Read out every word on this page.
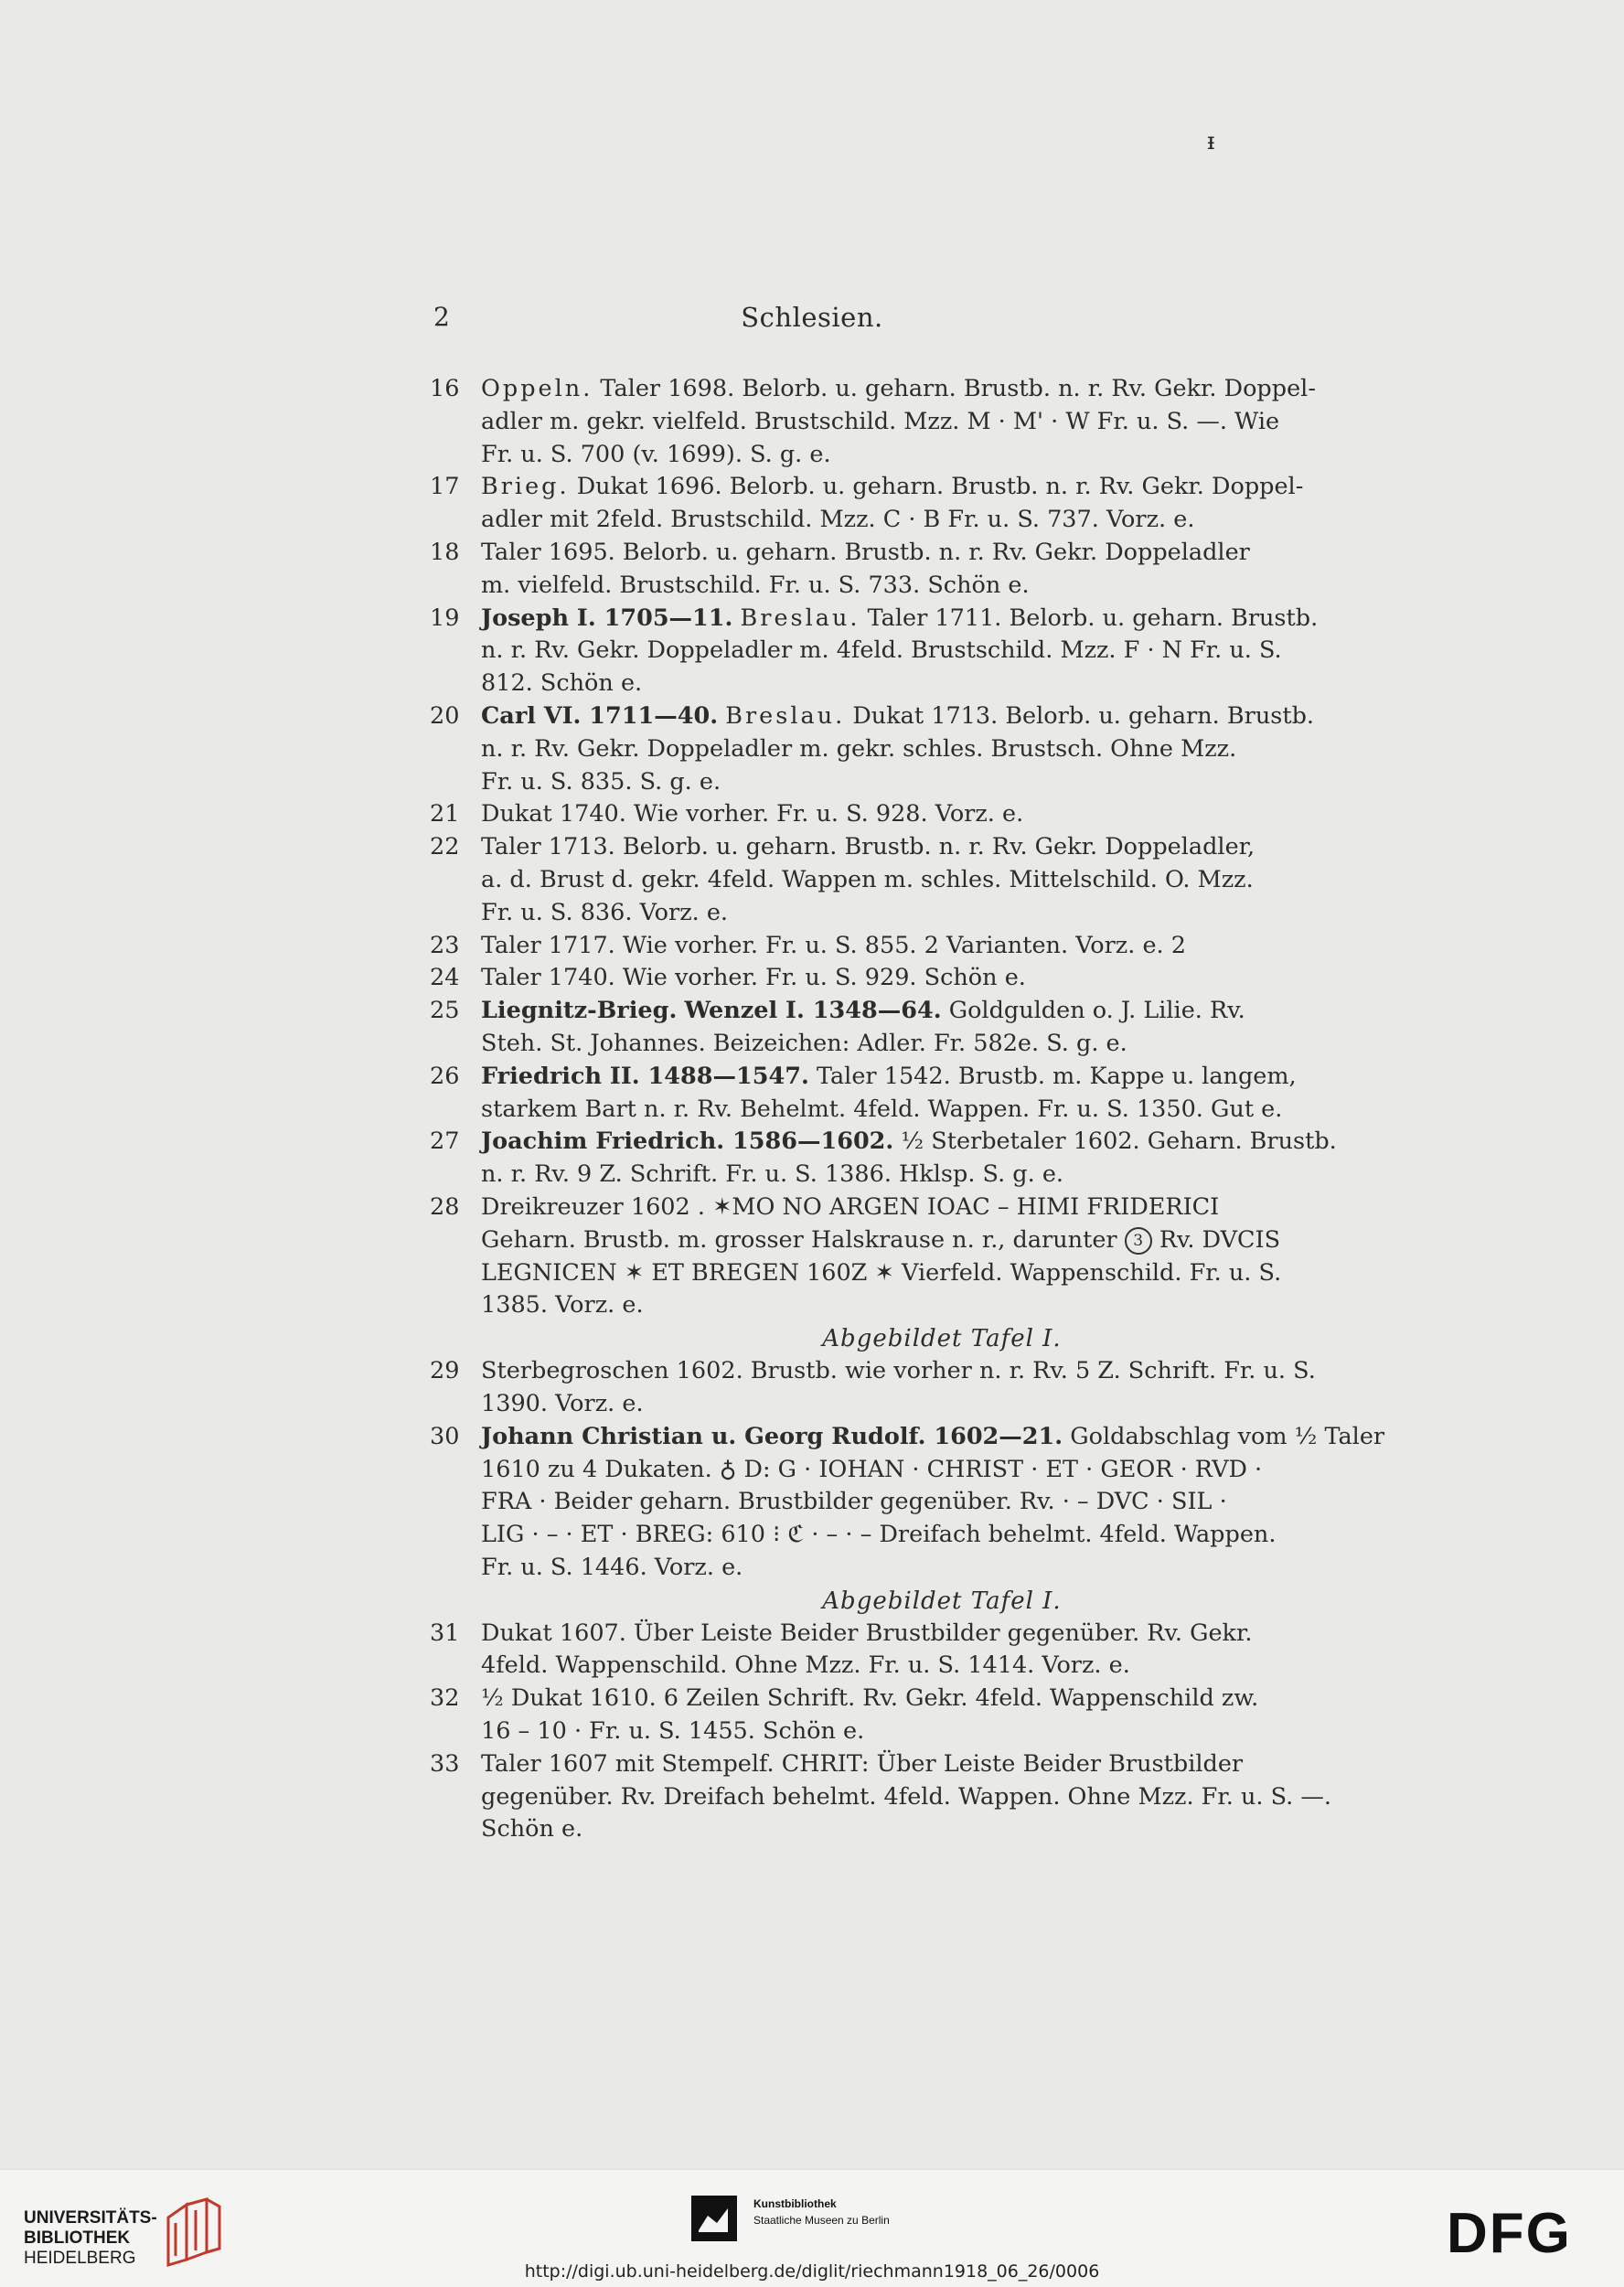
ᵻ
2	Schlesien.
16 Oppeln. Taler 1698. Belorb. u. geharn. Brustb. n. r. Rv. Gekr. Doppel-
adler m. gekr. vielfeld. Brustschild. Mzz. M · M' · W Fr. u. S. —. Wie
Fr. u. S. 700 (v. 1699). S. g. e.
17 Brieg. Dukat 1696. Belorb. u. geharn. Brustb. n. r. Rv. Gekr. Doppel-
adler mit 2feld. Brustschild. Mzz. C · B Fr. u. S. 737. Vorz. e.
18 Taler 1695. Belorb. u. geharn. Brustb. n. r. Rv. Gekr. Doppeladler
m. vielfeld. Brustschild. Fr. u. S. 733. Schön e.
19 Joseph I. 1705—11. Breslau. Taler 1711. Belorb. u. geharn. Brustb.
n. r. Rv. Gekr. Doppeladler m. 4feld. Brustschild. Mzz. F · N Fr. u. S.
812. Schön e.
20 Carl VI. 1711—40. Breslau. Dukat 1713. Belorb. u. geharn. Brustb.
n. r. Rv. Gekr. Doppeladler m. gekr. schles. Brustsch. Ohne Mzz.
Fr. u. S. 835. S. g. e.
21 Dukat 1740. Wie vorher. Fr. u. S. 928. Vorz. e.
22 Taler 1713. Belorb. u. geharn. Brustb. n. r. Rv. Gekr. Doppeladler,
a. d. Brust d. gekr. 4feld. Wappen m. schles. Mittelschild. O. Mzz.
Fr. u. S. 836. Vorz. e.
23 Taler 1717. Wie vorher. Fr. u. S. 855. 2 Varianten. Vorz. e. 2
24 Taler 1740. Wie vorher. Fr. u. S. 929. Schön e.
25 Liegnitz-Brieg. Wenzel I. 1348—64. Goldgulden o. J. Lilie. Rv.
Steh. St. Johannes. Beizeichen: Adler. Fr. 582e. S. g. e.
26 Friedrich II. 1488—1547. Taler 1542. Brustb. m. Kappe u. langem,
starkem Bart n. r. Rv. Behelmt. 4feld. Wappen. Fr. u. S. 1350. Gut e.
27 Joachim Friedrich. 1586—1602. ½ Sterbetaler 1602. Geharn. Brustb.
n. r. Rv. 9 Z. Schrift. Fr. u. S. 1386. Hklsp. S. g. e.
28 Dreikreuzer 1602 . ✶MO NO ARGEN IOAC – HIMI FRIDERICI
Geharn. Brustb. m. grosser Halskrause n. r., darunter 3 Rv. DVCIS
LEGNICEN ✶ ET BREGEN 160Z ✶ Vierfeld. Wappenschild. Fr. u. S.
1385. Vorz. e.
Abgebildet Tafel I.
29 Sterbegroschen 1602. Brustb. wie vorher n. r. Rv. 5 Z. Schrift. Fr. u. S.
1390. Vorz. e.
30 Johann Christian u. Georg Rudolf. 1602—21. Goldabschlag vom ½ Taler
1610 zu 4 Dukaten. ♁ D: G · IOHAN · CHRIST · ET · GEOR · RVD ·
FRA · Beider geharn. Brustbilder gegenüber. Rv. · – DVC · SIL ·
LIG · – · ET · BREG: 610 ⁝ ℭ · – · – Dreifach behelmt. 4feld. Wappen.
Fr. u. S. 1446. Vorz. e.
Abgebildet Tafel I.
31 Dukat 1607. Über Leiste Beider Brustbilder gegenüber. Rv. Gekr.
4feld. Wappenschild. Ohne Mzz. Fr. u. S. 1414. Vorz. e.
32 ½ Dukat 1610. 6 Zeilen Schrift. Rv. Gekr. 4feld. Wappenschild zw.
16 – 10 · Fr. u. S. 1455. Schön e.
33 Taler 1607 mit Stempelf. CHRIT: Über Leiste Beider Brustbilder
gegenüber. Rv. Dreifach behelmt. 4feld. Wappen. Ohne Mzz. Fr. u. S. —.
Schön e.
UNIVERSITÄTS-
BIBLIOTHEK
HEIDELBERG
Kunstbibliothek
Staatliche Museen zu Berlin	DFG
http://digi.ub.uni-heidelberg.de/diglit/riechmann1918_06_26/0006
